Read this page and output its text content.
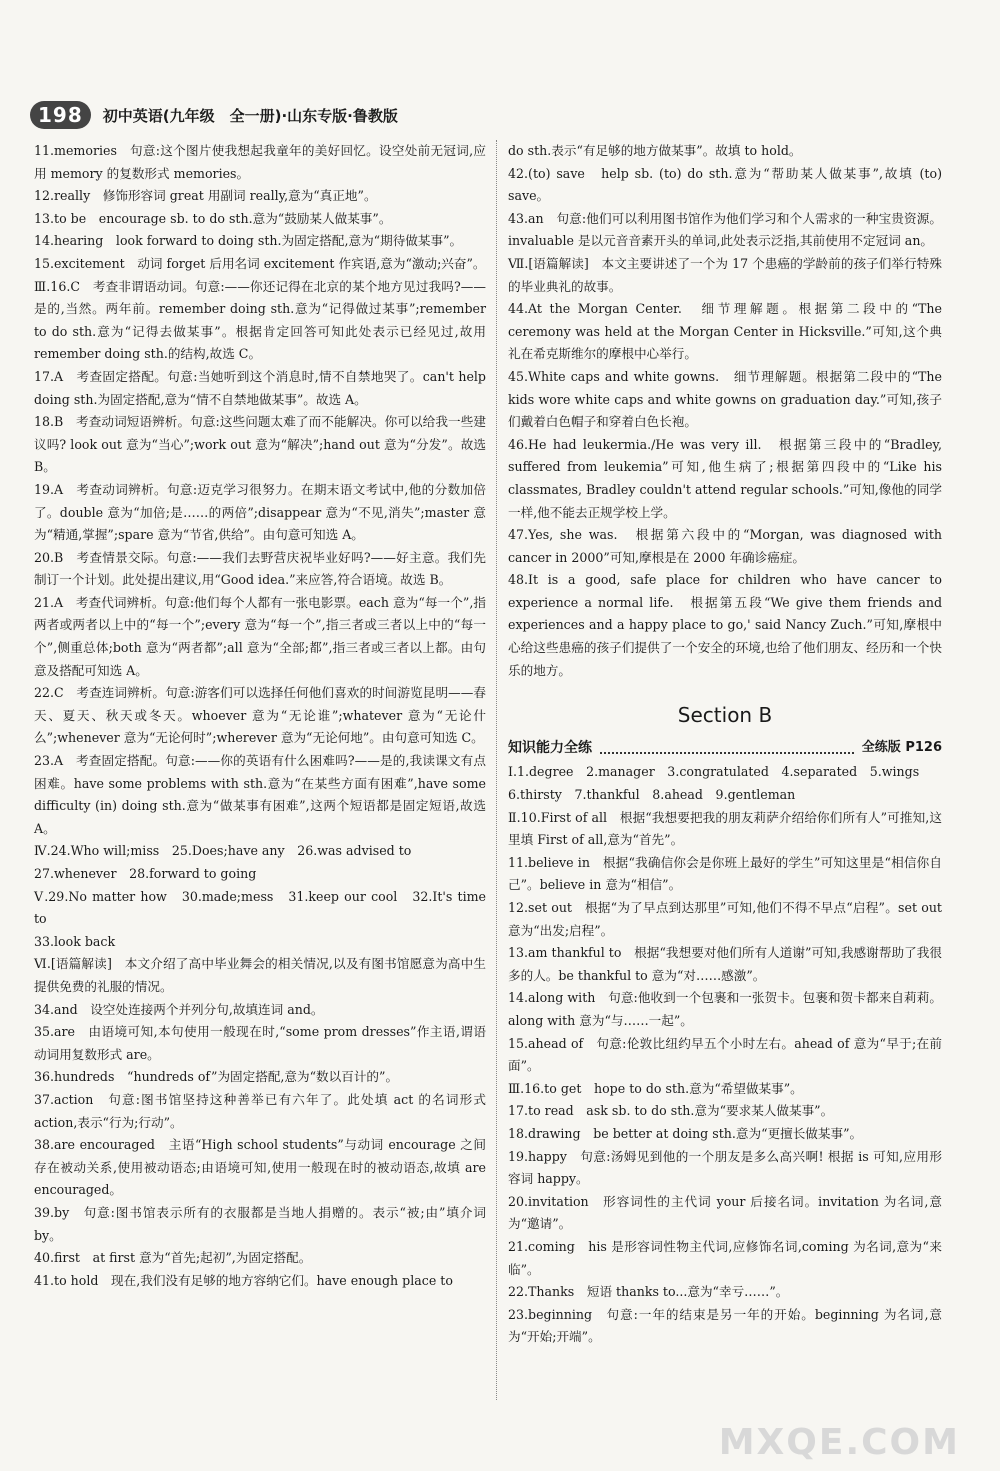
198	初中英语(九年级　全一册)·山东专版·鲁教版

11.memories　句意:这个图片使我想起我童年的美好回忆。设空处前无冠词,应用 memory 的复数形式 memories。

12.really　修饰形容词 great 用副词 really,意为“真正地”。

13.to be　encourage sb. to do sth.意为“鼓励某人做某事”。

14.hearing　look forward to doing sth.为固定搭配,意为“期待做某事”。

15.excitement　动词 forget 后用名词 excitement 作宾语,意为“激动;兴奋”。

Ⅲ.16.C　考查非谓语动词。句意:——你还记得在北京的某个地方见过我吗?——是的,当然。两年前。remember doing sth.意为“记得做过某事”;remember to do sth.意为“记得去做某事”。根据肯定回答可知此处表示已经见过,故用 remember doing sth.的结构,故选 C。

17.A　考查固定搭配。句意:当她听到这个消息时,情不自禁地哭了。can't help doing sth.为固定搭配,意为“情不自禁地做某事”。故选 A。

18.B　考查动词短语辨析。句意:这些问题太难了而不能解决。你可以给我一些建议吗? look out 意为“当心”;work out 意为“解决”;hand out 意为“分发”。故选 B。

19.A　考查动词辨析。句意:迈克学习很努力。在期末语文考试中,他的分数加倍了。double 意为“加倍;是……的两倍”;disappear 意为“不见,消失”;master 意为“精通,掌握”;spare 意为“节省,供给”。由句意可知选 A。

20.B　考查情景交际。句意:——我们去野营庆祝毕业好吗?——好主意。我们先制订一个计划。此处提出建议,用“Good idea.”来应答,符合语境。故选 B。

21.A　考查代词辨析。句意:他们每个人都有一张电影票。each 意为“每一个”,指两者或两者以上中的“每一个”;every 意为“每一个”,指三者或三者以上中的“每一个”,侧重总体;both 意为“两者都”;all 意为“全部;都”,指三者或三者以上都。由句意及搭配可知选 A。

22.C　考查连词辨析。句意:游客们可以选择任何他们喜欢的时间游览昆明——春天、夏天、秋天或冬天。whoever 意为“无论谁”;whatever 意为“无论什么”;whenever 意为“无论何时”;wherever 意为“无论何地”。由句意可知选 C。

23.A　考查固定搭配。句意:——你的英语有什么困难吗?——是的,我读课文有点困难。have some problems with sth.意为“在某些方面有困难”,have some difficulty (in) doing sth.意为“做某事有困难”,这两个短语都是固定短语,故选 A。

Ⅳ.24.Who will;miss　25.Does;have any　26.was advised to

27.whenever　28.forward to going

Ⅴ.29.No matter how　30.made;mess　31.keep our cool　32.It's time to

33.look back

Ⅵ.[语篇解读]　本文介绍了高中毕业舞会的相关情况,以及有图书馆愿意为高中生提供免费的礼服的情况。

34.and　设空处连接两个并列分句,故填连词 and。

35.are　由语境可知,本句使用一般现在时,“some prom dresses”作主语,谓语动词用复数形式 are。

36.hundreds　“hundreds of”为固定搭配,意为“数以百计的”。

37.action　句意:图书馆坚持这种善举已有六年了。此处填 act 的名词形式 action,表示“行为;行动”。

38.are encouraged　主语“High school students”与动词 encourage 之间存在被动关系,使用被动语态;由语境可知,使用一般现在时的被动语态,故填 are encouraged。

39.by　句意:图书馆表示所有的衣服都是当地人捐赠的。表示“被;由”填介词 by。

40.first　at first 意为“首先;起初”,为固定搭配。

41.to hold　现在,我们没有足够的地方容纳它们。have enough place to

do sth.表示“有足够的地方做某事”。故填 to hold。

42.(to) save　help sb. (to) do sth.意为“帮助某人做某事”,故填 (to) save。

43.an　句意:他们可以利用图书馆作为他们学习和个人需求的一种宝贵资源。invaluable 是以元音音素开头的单词,此处表示泛指,其前使用不定冠词 an。

Ⅶ.[语篇解读]　本文主要讲述了一个为 17 个患癌的学龄前的孩子们举行特殊的毕业典礼的故事。

44.At the Morgan Center.　细节理解题。根据第二段中的“The ceremony was held at the Morgan Center in Hicksville.”可知,这个典礼在希克斯维尔的摩根中心举行。

45.White caps and white gowns.　细节理解题。根据第二段中的“The kids wore white caps and white gowns on graduation day.”可知,孩子们戴着白色帽子和穿着白色长袍。

46.He had leukermia./He was very ill.　根据第三段中的“Bradley, suffered from leukemia”可知,他生病了;根据第四段中的“Like his classmates, Bradley couldn't attend regular schools.”可知,像他的同学一样,他不能去正规学校上学。

47.Yes, she was.　根据第六段中的“Morgan, was diagnosed with cancer in 2000”可知,摩根是在 2000 年确诊癌症。

48.It is a good, safe place for children who have cancer to experience a normal life.　根据第五段“We give them friends and experiences and a happy place to go,' said Nancy Zuch.”可知,摩根中心给这些患癌的孩子们提供了一个安全的环境,也给了他们朋友、经历和一个快乐的地方。

Section B
知识能力全练	全练版 P126

Ⅰ.1.degree　2.manager　3.congratulated　4.separated　5.wings

6.thirsty　7.thankful　8.ahead　9.gentleman

Ⅱ.10.First of all　根据“我想要把我的朋友莉萨介绍给你们所有人”可推知,这里填 First of all,意为“首先”。

11.believe in　根据“我确信你会是你班上最好的学生”可知这里是“相信你自己”。believe in 意为“相信”。

12.set out　根据“为了早点到达那里”可知,他们不得不早点“启程”。set out 意为“出发;启程”。

13.am thankful to　根据“我想要对他们所有人道谢”可知,我感谢帮助了我很多的人。be thankful to 意为“对……感激”。

14.along with　句意:他收到一个包裹和一张贺卡。包裹和贺卡都来自莉莉。along with 意为“与……一起”。

15.ahead of　句意:伦敦比纽约早五个小时左右。ahead of 意为“早于;在前面”。

Ⅲ.16.to get　hope to do sth.意为“希望做某事”。

17.to read　ask sb. to do sth.意为“要求某人做某事”。

18.drawing　be better at doing sth.意为“更擅长做某事”。

19.happy　句意:汤姆见到他的一个朋友是多么高兴啊! 根据 is 可知,应用形容词 happy。

20.invitation　形容词性的主代词 your 后接名词。invitation 为名词,意为“邀请”。

21.coming　his 是形容词性物主代词,应修饰名词,coming 为名词,意为“来临”。

22.Thanks　短语 thanks to...意为“幸亏……”。

23.beginning　句意:一年的结束是另一年的开始。beginning 为名词,意为“开始;开端”。

MXQE.COM
